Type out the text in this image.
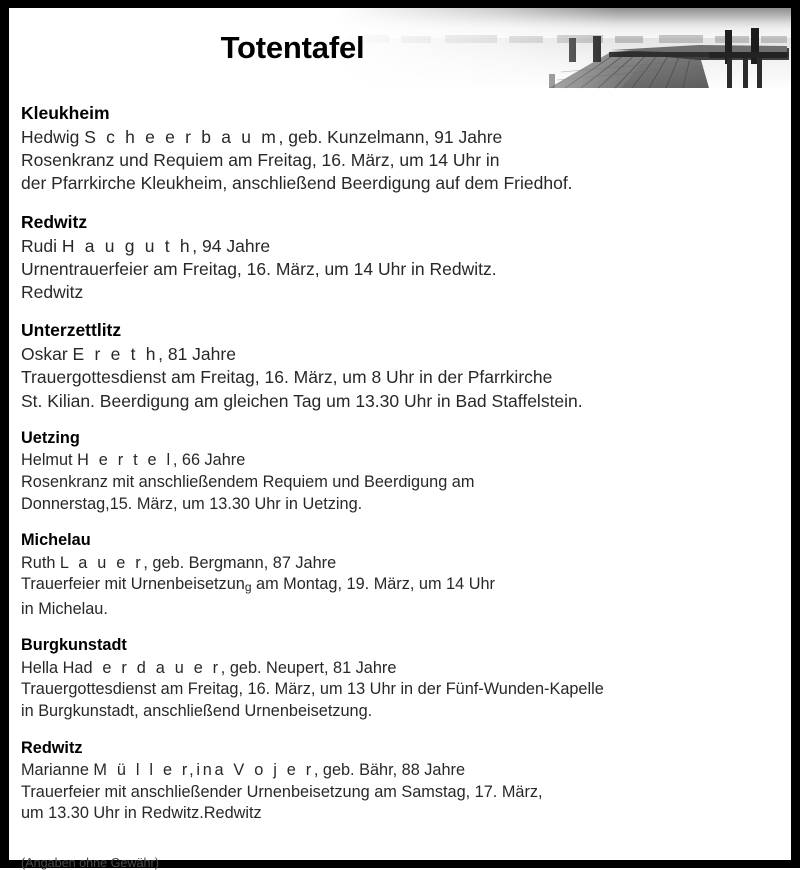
Totentafel
Kleukheim
Hedwig S c h e e r b a u m, geb. Kunzelmann, 91 Jahre
Rosenkranz und Requiem am Freitag, 16. März, um 14 Uhr in
der Pfarrkirche Kleukheim, anschließend Beerdigung auf dem Friedhof.
Redwitz
Rudi H a u g u t h, 94 Jahre
Urnentrauerfeier am Freitag, 16. März, um 14 Uhr in Redwitz.
Redwitz
Unterzettlitz
Oskar E r e t h, 81 Jahre
Trauergottesdienst am Freitag, 16. März, um 8 Uhr in der Pfarrkirche
St. Kilian. Beerdigung am gleichen Tag um 13.30 Uhr in Bad Staffelstein.
Uetzing
Helmut H e r t e l, 66 Jahre
Rosenkranz mit anschließendem Requiem und Beerdigung am
Donnerstag,15. März, um 13.30 Uhr in Uetzing.
Michelau
Ruth L a u e r, geb. Bergmann, 87 Jahre
Trauerfeier mit Urnenbeisetzung am Montag, 19. März, um 14 Uhr
in Michelau.
Burgkunstadt
Hella Had e r d a u e r, geb. Neupert, 81 Jahre
Trauergottesdienst am Freitag, 16. März, um 13 Uhr in der Fünf-Wunden-Kapelle
in Burgkunstadt, anschließend Urnenbeisetzung.
Redwitz
Marianne M ü l l e r,ina V o j e r, geb. Bähr, 88 Jahre
Trauerfeier mit anschließender Urnenbeisetzung am Samstag, 17. März,
um 13.30 Uhr in Redwitz.Redwitz
(Angaben ohne Gewähr)
